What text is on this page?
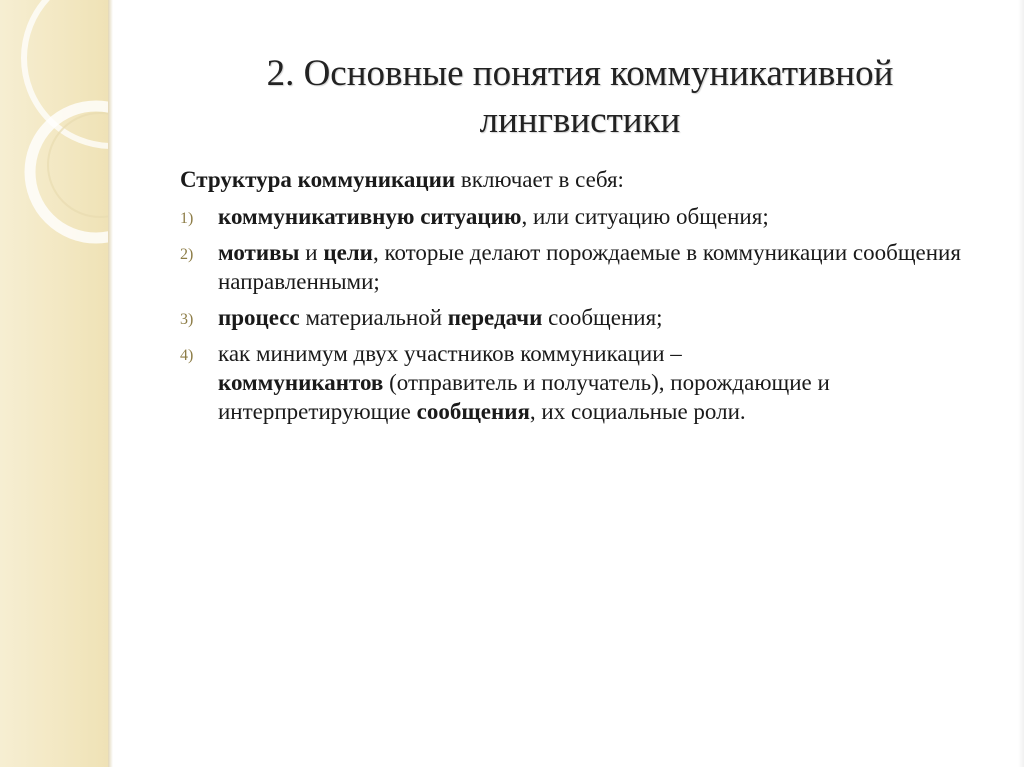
2. Основные понятия коммуникативной
лингвистики

Структура коммуникации включает в себя:

1) коммуникативную ситуацию, или ситуацию общения;
2) мотивы и цели, которые делают порождаемые в коммуникации сообщения направленными;
3) процесс материальной передачи сообщения;
4) как минимум двух участников коммуникации –
коммуникантов (отправитель и получатель), порождающие и интерпретирующие сообщения, их социальные роли.
